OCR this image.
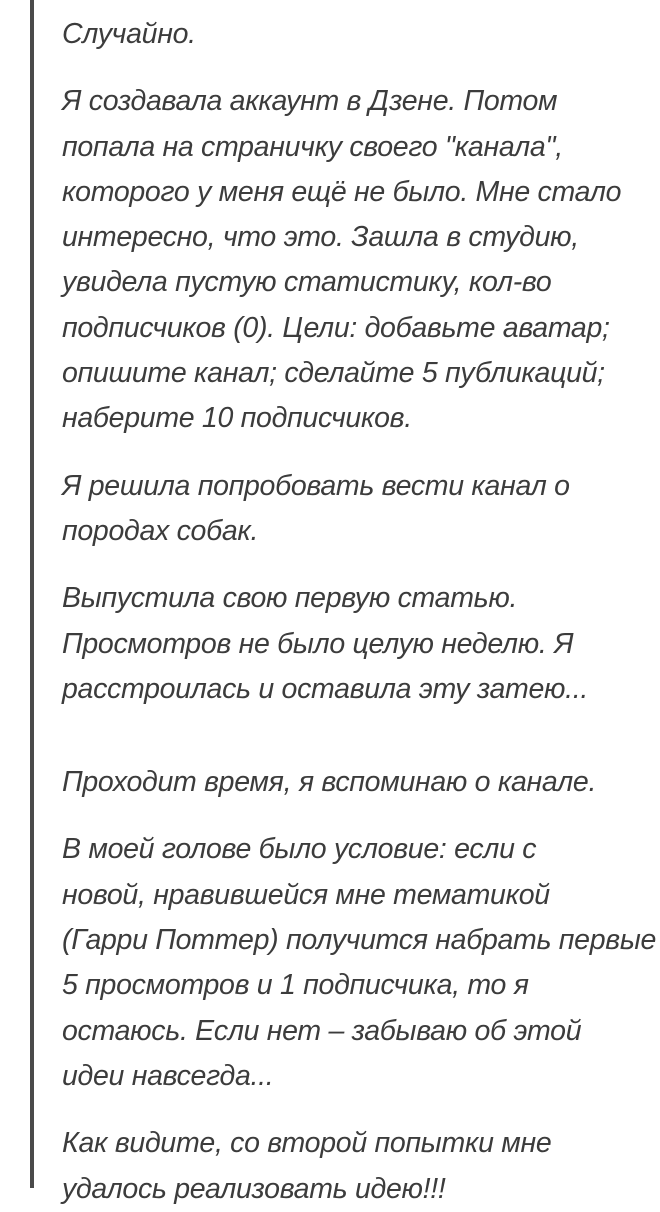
Случайно.

Я создавала аккаунт в Дзене. Потом
попала на страничку своего "канала",
которого у меня ещё не было. Мне стало
интересно, что это. Зашла в студию,
увидела пустую статистику, кол-во
подписчиков (0). Цели: добавьте аватар;
опишите канал; сделайте 5 публикаций;
наберите 10 подписчиков.

Я решила попробовать вести канал о
породах собак.

Выпустила свою первую статью.
Просмотров не было целую неделю. Я
расстроилась и оставила эту затею...

Проходит время, я вспоминаю о канале.

В моей голове было условие: если с
новой, нравившейся мне тематикой
(Гарри Поттер) получится набрать первые
5 просмотров и 1 подписчика, то я
остаюсь. Если нет – забываю об этой
идеи навсегда...

Как видите, со второй попытки мне
удалось реализовать идею!!!
